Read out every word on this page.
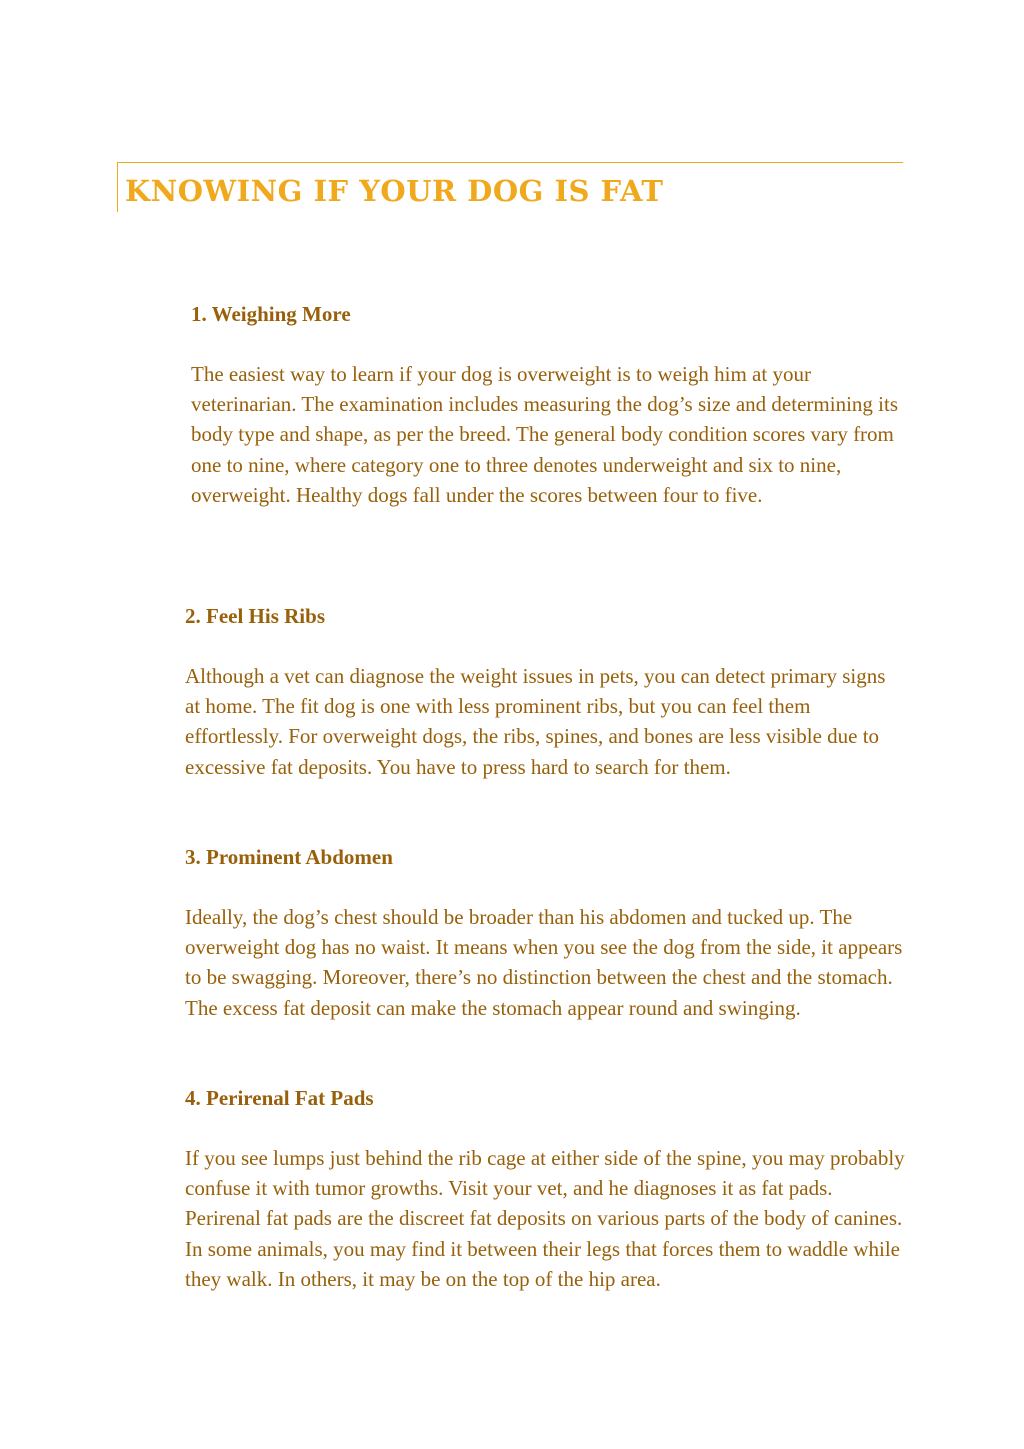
KNOWING IF YOUR DOG IS FAT
1. Weighing More

The easiest way to learn if your dog is overweight is to weigh him at your veterinarian. The examination includes measuring the dog’s size and determining its body type and shape, as per the breed. The general body condition scores vary from one to nine, where category one to three denotes underweight and six to nine, overweight. Healthy dogs fall under the scores between four to five.

2. Feel His Ribs

Although a vet can diagnose the weight issues in pets, you can detect primary signs at home. The fit dog is one with less prominent ribs, but you can feel them effortlessly. For overweight dogs, the ribs, spines, and bones are less visible due to excessive fat deposits. You have to press hard to search for them.

3. Prominent Abdomen

Ideally, the dog’s chest should be broader than his abdomen and tucked up. The overweight dog has no waist. It means when you see the dog from the side, it appears to be swagging. Moreover, there’s no distinction between the chest and the stomach. The excess fat deposit can make the stomach appear round and swinging.

4. Perirenal Fat Pads

If you see lumps just behind the rib cage at either side of the spine, you may probably confuse it with tumor growths. Visit your vet, and he diagnoses it as fat pads. Perirenal fat pads are the discreet fat deposits on various parts of the body of canines. In some animals, you may find it between their legs that forces them to waddle while they walk. In others, it may be on the top of the hip area.
